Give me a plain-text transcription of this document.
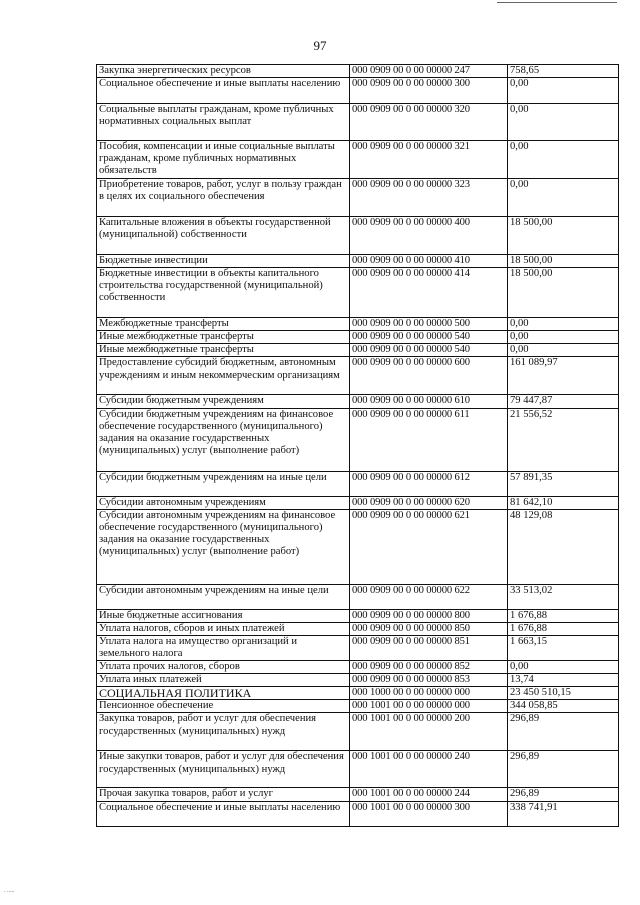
97
Закупка энергетических ресурсов	000 0909 00 0 00 00000 247	758,65
Социальное обеспечение и иные выплаты населению	000 0909 00 0 00 00000 300	0,00
Социальные выплаты гражданам, кроме публичных нормативных социальных выплат	000 0909 00 0 00 00000 320	0,00
Пособия, компенсации и иные социальные выплаты гражданам, кроме публичных нормативных обязательств	000 0909 00 0 00 00000 321	0,00
Приобретение товаров, работ, услуг в пользу граждан в целях их социального обеспечения	000 0909 00 0 00 00000 323	0,00
Капитальные вложения в объекты государственной (муниципальной) собственности	000 0909 00 0 00 00000 400	18 500,00
Бюджетные инвестиции	000 0909 00 0 00 00000 410	18 500,00
Бюджетные инвестиции в объекты капитального строительства государственной (муниципальной) собственности	000 0909 00 0 00 00000 414	18 500,00
Межбюджетные трансферты	000 0909 00 0 00 00000 500	0,00
Иные межбюджетные трансферты	000 0909 00 0 00 00000 540	0,00
Иные межбюджетные трансферты	000 0909 00 0 00 00000 540	0,00
Предоставление субсидий бюджетным, автономным учреждениям и иным некоммерческим организациям	000 0909 00 0 00 00000 600	161 089,97
Субсидии бюджетным учреждениям	000 0909 00 0 00 00000 610	79 447,87
Субсидии бюджетным учреждениям на финансовое обеспечение государственного (муниципального) задания на оказание государственных (муниципальных) услуг (выполнение работ)	000 0909 00 0 00 00000 611	21 556,52
Субсидии бюджетным учреждениям на иные цели	000 0909 00 0 00 00000 612	57 891,35
Субсидии автономным учреждениям	000 0909 00 0 00 00000 620	81 642,10
Субсидии автономным учреждениям на финансовое обеспечение государственного (муниципального) задания на оказание государственных (муниципальных) услуг (выполнение работ)	000 0909 00 0 00 00000 621	48 129,08
Субсидии автономным учреждениям на иные цели	000 0909 00 0 00 00000 622	33 513,02
Иные бюджетные ассигнования	000 0909 00 0 00 00000 800	1 676,88
Уплата налогов, сборов и иных платежей	000 0909 00 0 00 00000 850	1 676,88
Уплата налога на имущество организаций и земельного налога	000 0909 00 0 00 00000 851	1 663,15
Уплата прочих налогов, сборов	000 0909 00 0 00 00000 852	0,00
Уплата иных платежей	000 0909 00 0 00 00000 853	13,74
СОЦИАЛЬНАЯ ПОЛИТИКА	000 1000 00 0 00 00000 000	23 450 510,15
Пенсионное обеспечение	000 1001 00 0 00 00000 000	344 058,85
Закупка товаров, работ и услуг для обеспечения государственных (муниципальных) нужд	000 1001 00 0 00 00000 200	296,89
Иные закупки товаров, работ и услуг для обеспечения государственных (муниципальных) нужд	000 1001 00 0 00 00000 240	296,89
Прочая закупка товаров, работ и услуг	000 1001 00 0 00 00000 244	296,89
Социальное обеспечение и иные выплаты населению	000 1001 00 0 00 00000 300	338 741,91
. .....
